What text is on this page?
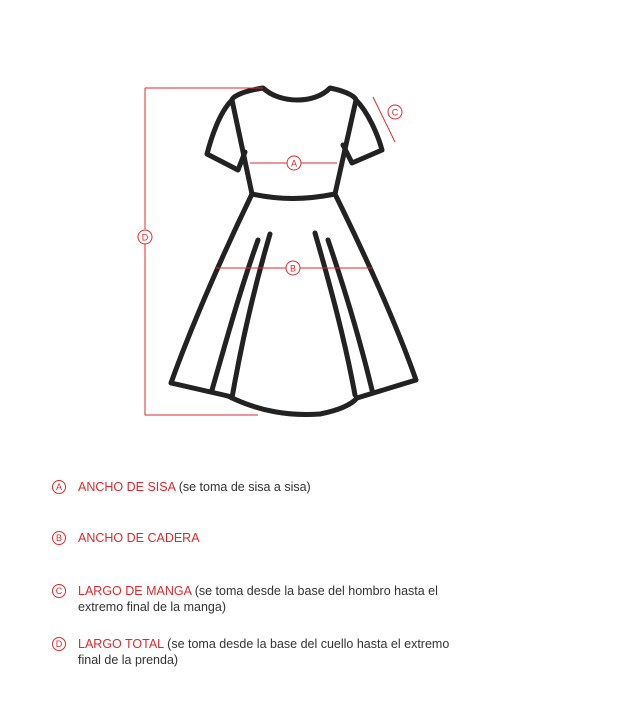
A
B
C
D
A	ANCHO DE SISA (se toma de sisa a sisa)
B	ANCHO DE CADERA
C	LARGO DE MANGA (se toma desde la base del hombro hasta el extremo final de la manga)
D	LARGO TOTAL (se toma desde la base del cuello hasta el extremo final de la prenda)
